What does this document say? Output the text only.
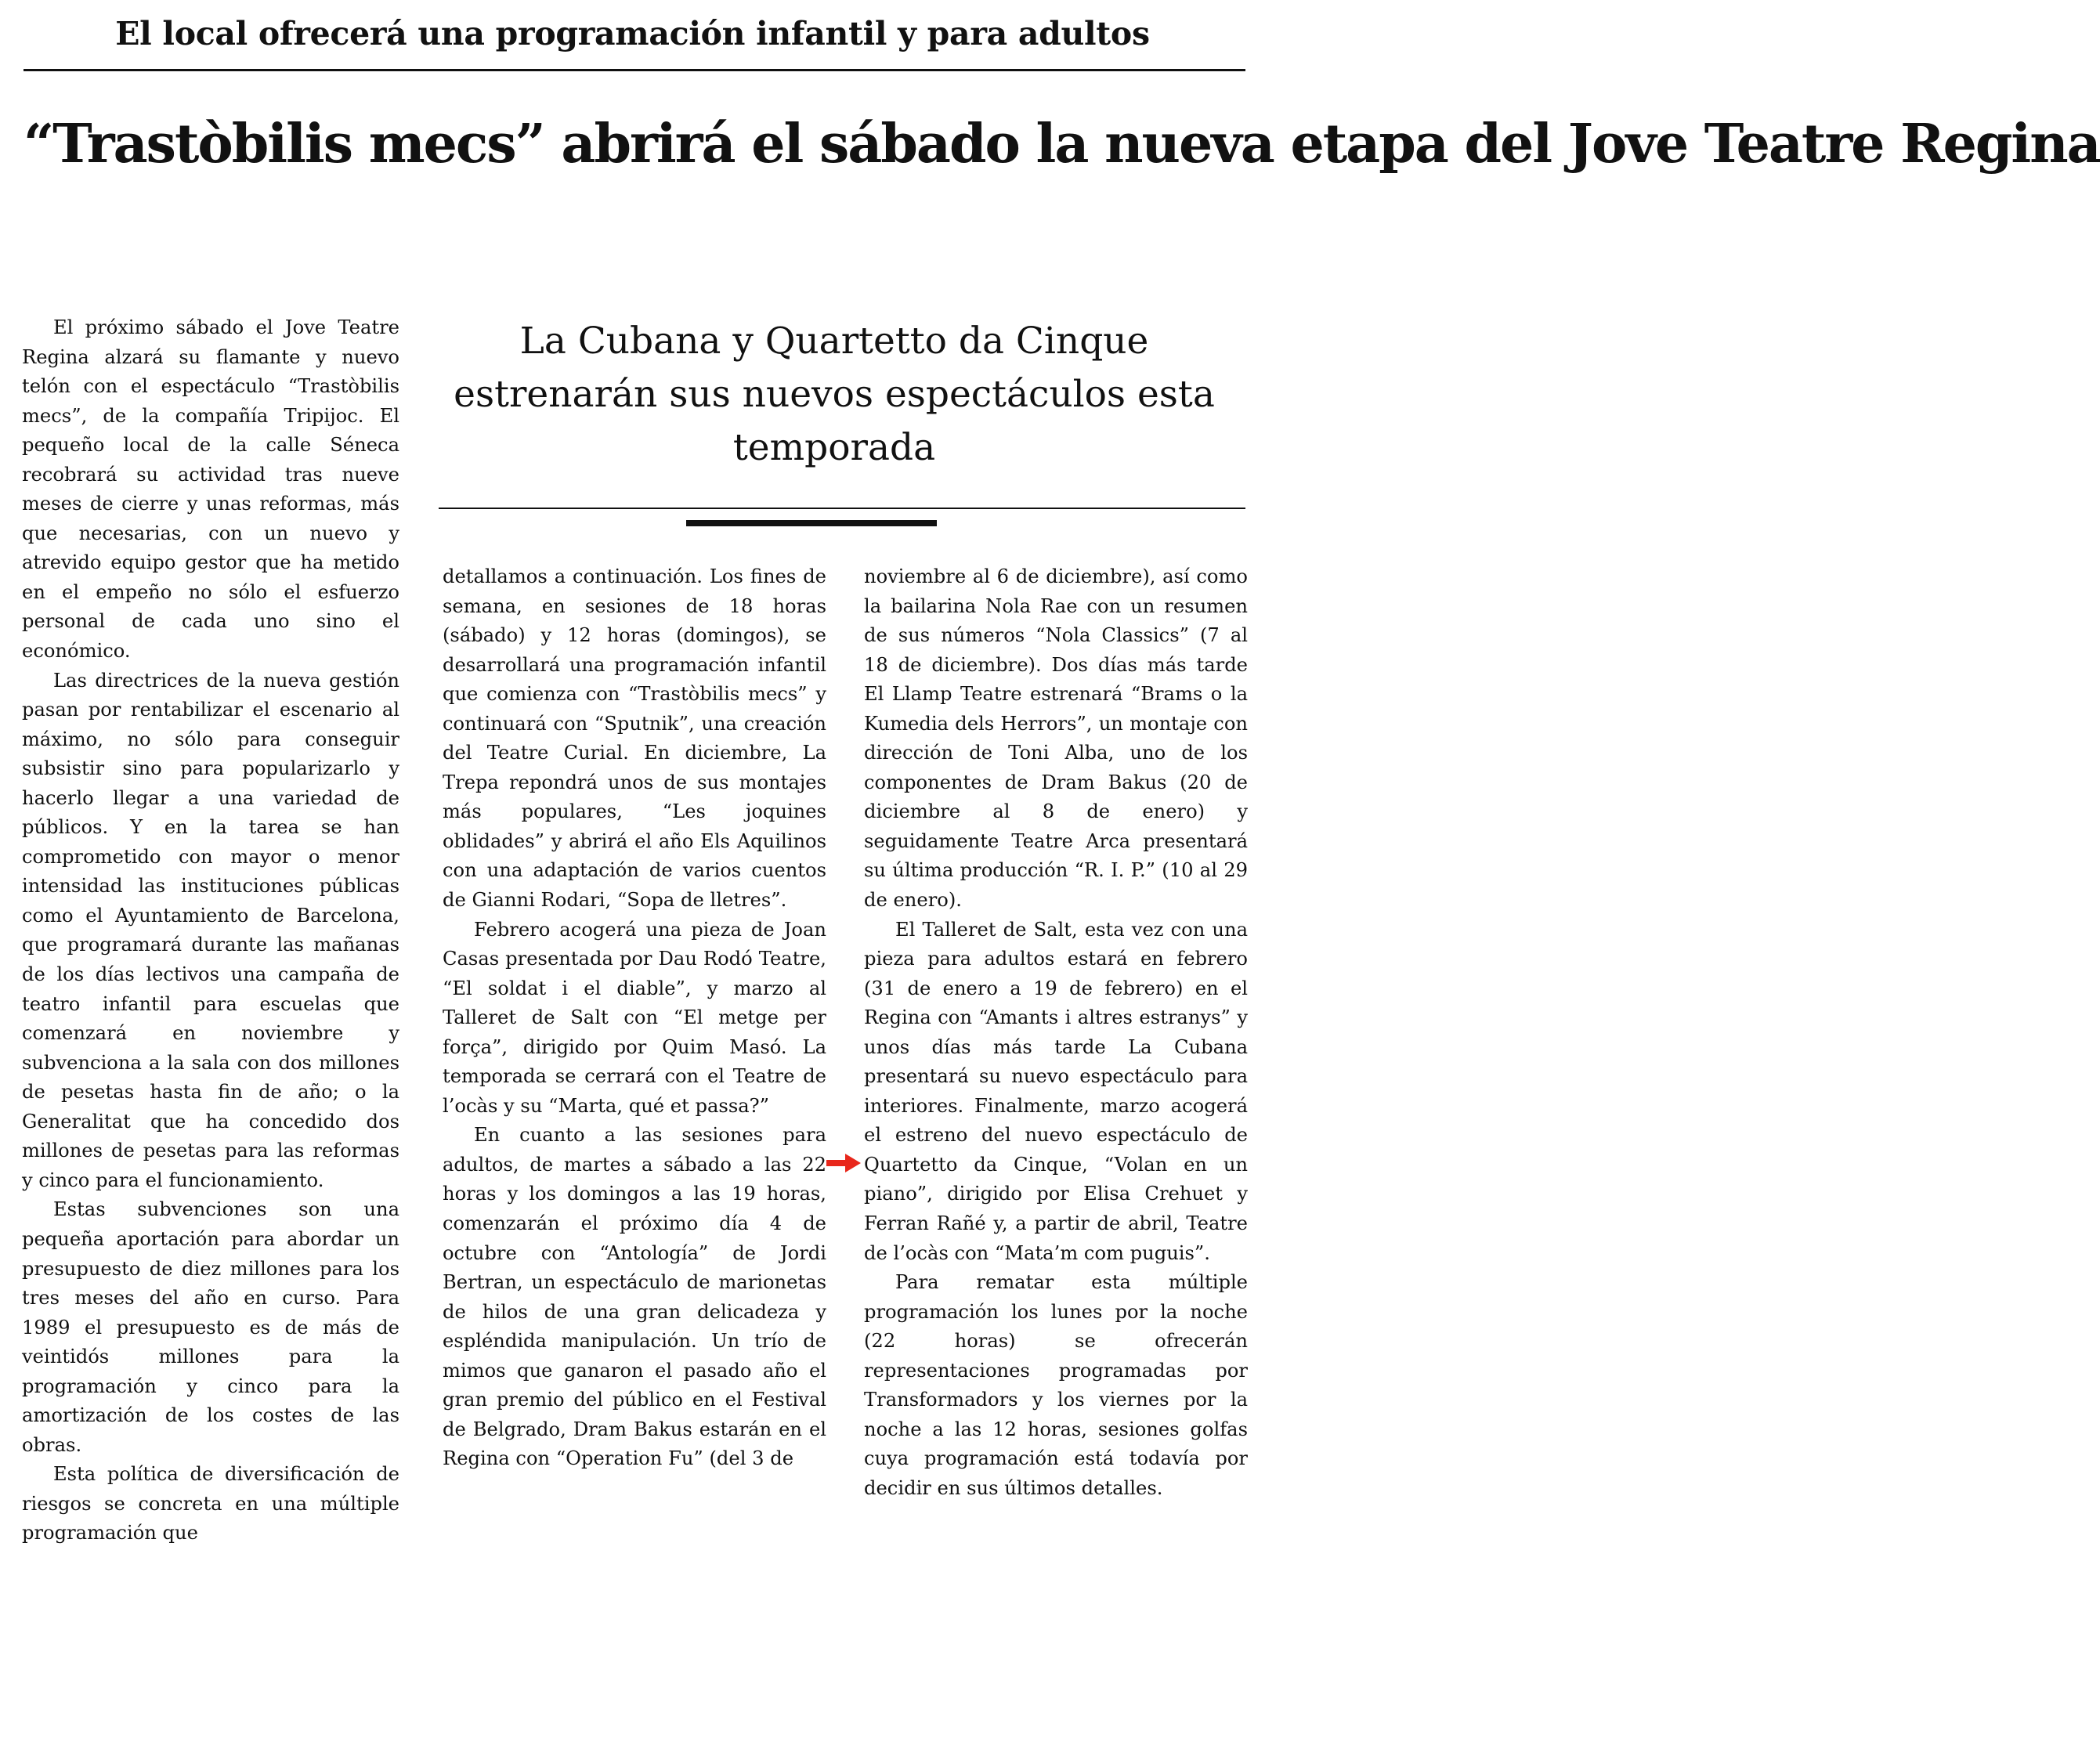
El local ofrecerá una programación infantil y para adultos
“Trastòbilis mecs” abrirá el sábado la nueva etapa del Jove Teatre Regina
La Cubana y Quartetto da Cinque estrenarán sus nuevos espectáculos esta temporada

El próximo sábado el Jove Teatre Regina alzará su flamante y nuevo telón con el espectáculo “Trastòbilis mecs”, de la compañía Tripijoc. El pequeño local de la calle Séneca recobrará su actividad tras nueve meses de cierre y unas reformas, más que necesarias, con un nuevo y atrevido equipo gestor que ha metido en el empeño no sólo el esfuerzo personal de cada uno sino el económico.

Las directrices de la nueva gestión pasan por rentabilizar el escenario al máximo, no sólo para conseguir subsistir sino para popularizarlo y hacerlo llegar a una variedad de públicos. Y en la tarea se han comprometido con mayor o menor intensidad las instituciones públicas como el Ayuntamiento de Barcelona, que programará durante las mañanas de los días lectivos una campaña de teatro infantil para escuelas que comenzará en noviembre y subvenciona a la sala con dos millones de pesetas hasta fin de año; o la Generalitat que ha concedido dos millones de pesetas para las reformas y cinco para el funcionamiento.

Estas subvenciones son una pequeña aportación para abordar un presupuesto de diez millones para los tres meses del año en curso. Para 1989 el presupuesto es de más de veintidós millones para la programación y cinco para la amortización de los costes de las obras.

Esta política de diversificación de riesgos se concreta en una múltiple programación que

detallamos a continuación. Los fines de semana, en sesiones de 18 horas (sábado) y 12 horas (domingos), se desarrollará una programación infantil que comienza con “Trastòbilis mecs” y continuará con “Sputnik”, una creación del Teatre Curial. En diciembre, La Trepa repondrá unos de sus montajes más populares, “Les joquines oblidades” y abrirá el año Els Aquilinos con una adaptación de varios cuentos de Gianni Rodari, “Sopa de lletres”.

Febrero acogerá una pieza de Joan Casas presentada por Dau Rodó Teatre, “El soldat i el diable”, y marzo al Talleret de Salt con “El metge per força”, dirigido por Quim Masó. La temporada se cerrará con el Teatre de l’ocàs y su “Marta, qué et passa?”

En cuanto a las sesiones para adultos, de martes a sábado a las 22 horas y los domingos a las 19 horas, comenzarán el próximo día 4 de octubre con “Antología” de Jordi Bertran, un espectáculo de marionetas de hilos de una gran delicadeza y espléndida manipulación. Un trío de mimos que ganaron el pasado año el gran premio del público en el Festival de Belgrado, Dram Bakus estarán en el Regina con “Operation Fu” (del 3 de

noviembre al 6 de diciembre), así como la bailarina Nola Rae con un resumen de sus números “Nola Classics” (7 al 18 de diciembre). Dos días más tarde El Llamp Teatre estrenará “Brams o la Kumedia dels Herrors”, un montaje con dirección de Toni Alba, uno de los componentes de Dram Bakus (20 de diciembre al 8 de enero) y seguidamente Teatre Arca presentará su última producción “R. I. P.” (10 al 29 de enero).

El Talleret de Salt, esta vez con una pieza para adultos estará en febrero (31 de enero a 19 de febrero) en el Regina con “Amants i altres estranys” y unos días más tarde La Cubana presentará su nuevo espectáculo para interiores. Finalmente, marzo acogerá el estreno del nuevo espectáculo de Quartetto da Cinque, “Volan en un piano”, dirigido por Elisa Crehuet y Ferran Rañé y, a partir de abril, Teatre de l’ocàs con “Mata’m com puguis”.

Para rematar esta múltiple programación los lunes por la noche (22 horas) se ofrecerán representaciones programadas por Transformadors y los viernes por la noche a las 12 horas, sesiones golfas cuya programación está todavía por decidir en sus últimos detalles.
